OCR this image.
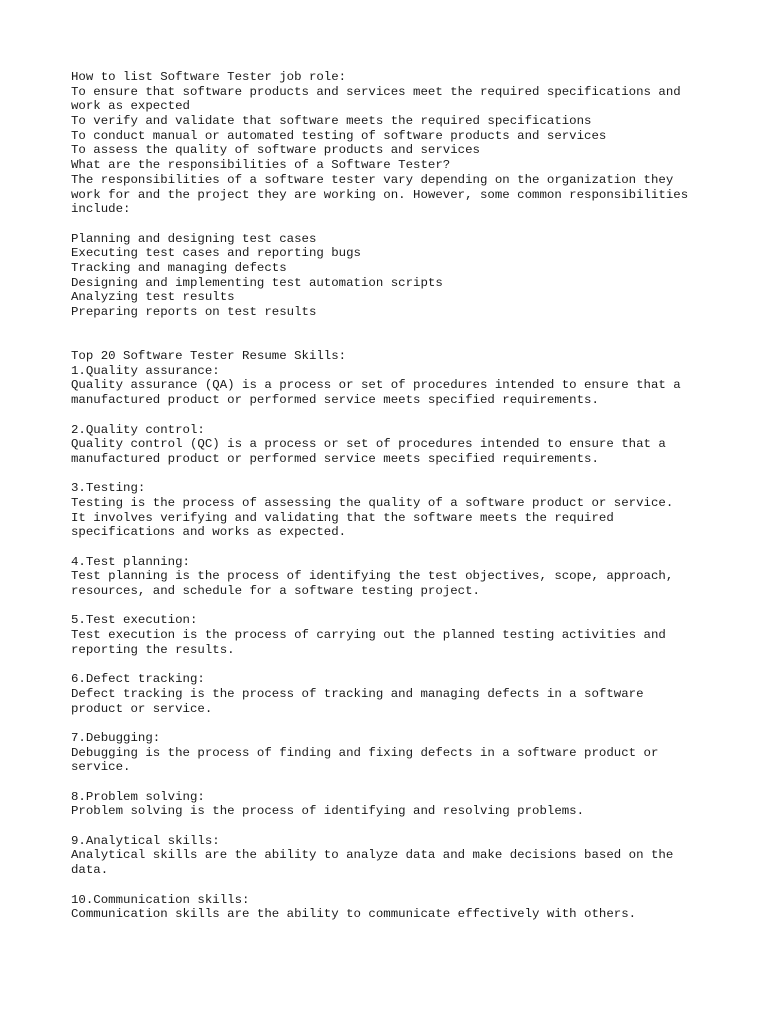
How to list Software Tester job role:
To ensure that software products and services meet the required specifications and
work as expected
To verify and validate that software meets the required specifications
To conduct manual or automated testing of software products and services
To assess the quality of software products and services
What are the responsibilities of a Software Tester?
The responsibilities of a software tester vary depending on the organization they
work for and the project they are working on. However, some common responsibilities
include:
Planning and designing test cases
Executing test cases and reporting bugs
Tracking and managing defects
Designing and implementing test automation scripts
Analyzing test results
Preparing reports on test results
Top 20 Software Tester Resume Skills:
1.Quality assurance:
Quality assurance (QA) is a process or set of procedures intended to ensure that a
manufactured product or performed service meets specified requirements.
2.Quality control:
Quality control (QC) is a process or set of procedures intended to ensure that a
manufactured product or performed service meets specified requirements.
3.Testing:
Testing is the process of assessing the quality of a software product or service.
It involves verifying and validating that the software meets the required
specifications and works as expected.
4.Test planning:
Test planning is the process of identifying the test objectives, scope, approach,
resources, and schedule for a software testing project.
5.Test execution:
Test execution is the process of carrying out the planned testing activities and
reporting the results.
6.Defect tracking:
Defect tracking is the process of tracking and managing defects in a software
product or service.
7.Debugging:
Debugging is the process of finding and fixing defects in a software product or
service.
8.Problem solving:
Problem solving is the process of identifying and resolving problems.
9.Analytical skills:
Analytical skills are the ability to analyze data and make decisions based on the
data.
10.Communication skills:
Communication skills are the ability to communicate effectively with others.
